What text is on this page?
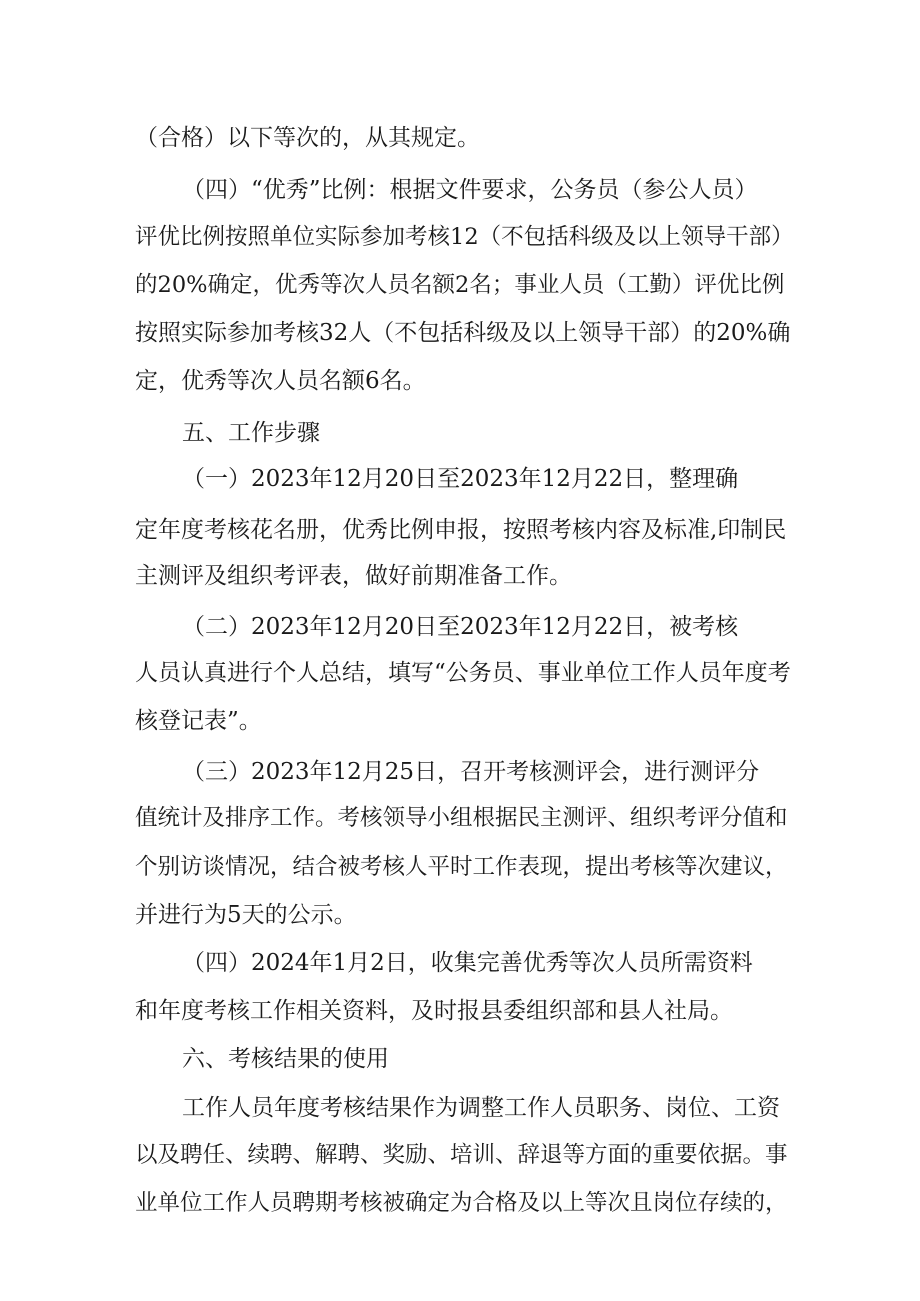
（合格）以下等次的，从其规定。

（四）“优秀”比例：根据文件要求，公务员（参公人员）

评优比例按照单位实际参加考核12（不包括科级及以上领导干部）

的20%确定，优秀等次人员名额2名；事业人员（工勤）评优比例

按照实际参加考核32人（不包括科级及以上领导干部）的20%确

定，优秀等次人员名额6名。

五、工作步骤

（一）2023年12月20日至2023年12月22日，整理确

定年度考核花名册，优秀比例申报，按照考核内容及标准,印制民

主测评及组织考评表，做好前期准备工作。

（二）2023年12月20日至2023年12月22日，被考核

人员认真进行个人总结，填写“公务员、事业单位工作人员年度考

核登记表”。

（三）2023年12月25日，召开考核测评会，进行测评分

值统计及排序工作。考核领导小组根据民主测评、组织考评分值和

个别访谈情况，结合被考核人平时工作表现，提出考核等次建议，

并进行为5天的公示。

（四）2024年1月2日，收集完善优秀等次人员所需资料

和年度考核工作相关资料，及时报县委组织部和县人社局。

六、考核结果的使用

工作人员年度考核结果作为调整工作人员职务、岗位、工资

以及聘任、续聘、解聘、奖励、培训、辞退等方面的重要依据。事

业单位工作人员聘期考核被确定为合格及以上等次且岗位存续的，
